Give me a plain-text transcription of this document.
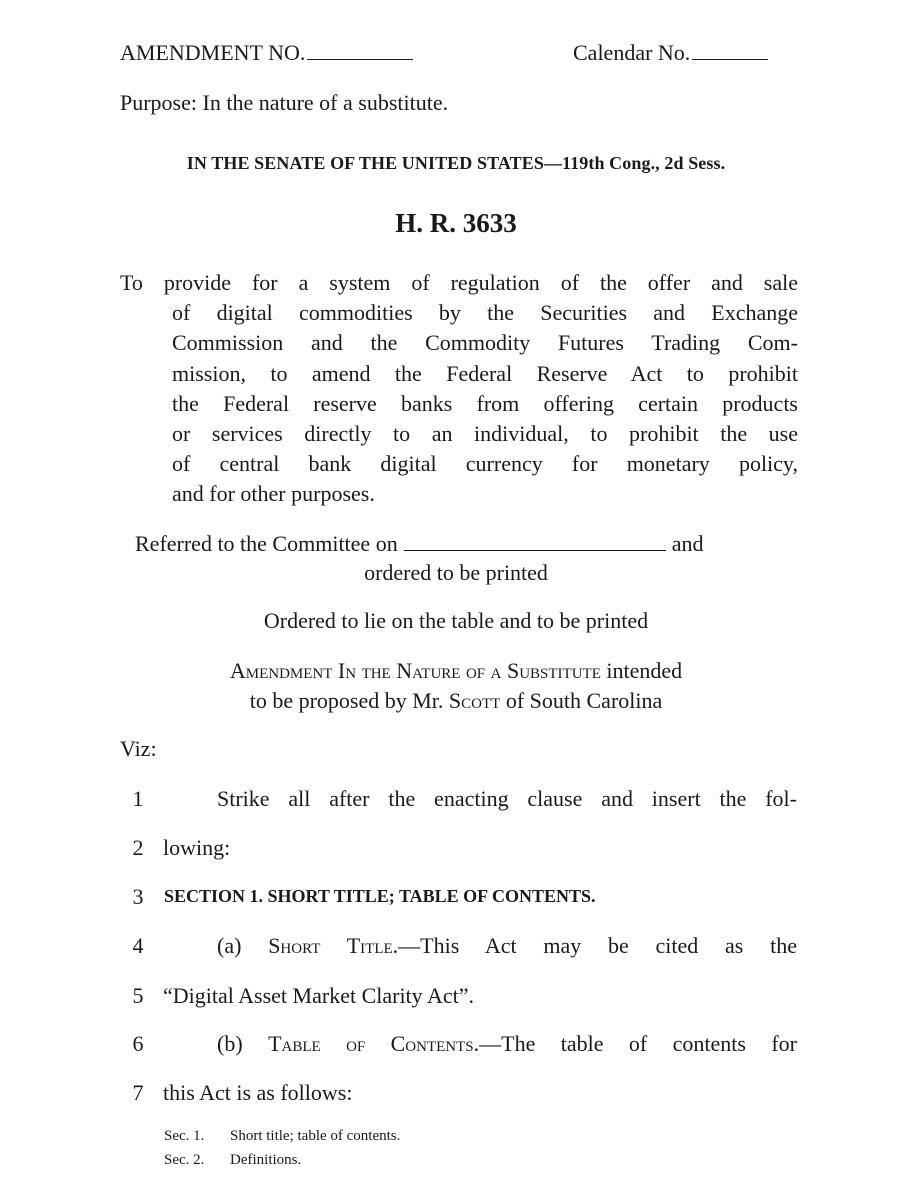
AMENDMENT NO.	Calendar No.
Purpose: In the nature of a substitute.
IN THE SENATE OF THE UNITED STATES—119th Cong., 2d Sess.
H. R. 3633
To provide for a system of regulation of the offer and sale
of digital commodities by the Securities and Exchange
Commission and the Commodity Futures Trading Com-
mission, to amend the Federal Reserve Act to prohibit
the Federal reserve banks from offering certain products
or services directly to an individual, to prohibit the use
of central bank digital currency for monetary policy,
and for other purposes.
Referred to the Committee on	and
ordered to be printed
Ordered to lie on the table and to be printed
Amendment In the Nature of a Substitute intended
to be proposed by Mr. Scott of South Carolina
Viz:
1	Strike all after the enacting clause and insert the fol-
2 lowing:
3 SECTION 1. SHORT TITLE; TABLE OF CONTENTS.
4	(a) Short Title.—This Act may be cited as the
5 “Digital Asset Market Clarity Act”.
6	(b) Table of Contents.—The table of contents for
7 this Act is as follows:
Sec. 1. Short title; table of contents.
Sec. 2. Definitions.
